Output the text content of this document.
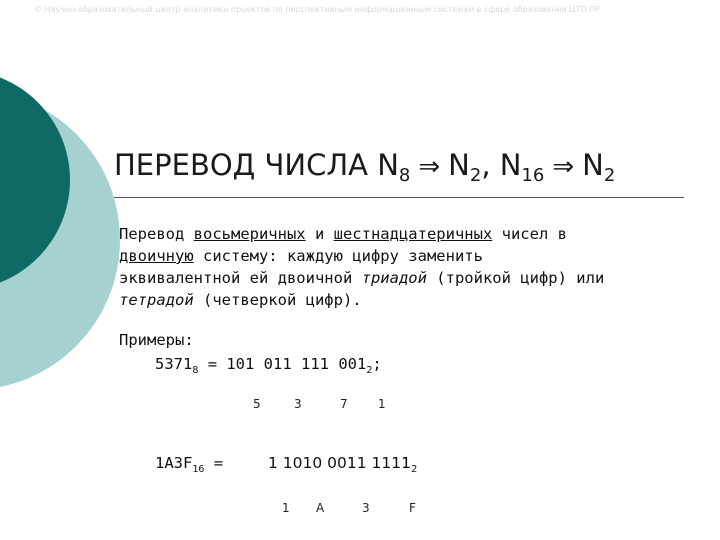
© Научно-образовательный центр аналитики проектов по перспективным информационным системам в сфере образования ЦТО ПР
ПЕРЕВОД ЧИСЛА $N_8$ ⇒ $N_2$, $N_{16}$ ⇒ $N_2$

Перевод восьмеричных и шестнадцатеричных чисел в

двоичную систему: каждую цифру заменить

эквивалентной ей двоичной триадой (тройкой цифр) или

тетрадой (четверкой цифр).

Примеры:
$5371_8 = 101$ 011 111 $001_2$;
5	3	7	1
$1A3F_{16}$ =	1 1010 0011 $1111_2$
1 A	3	F
